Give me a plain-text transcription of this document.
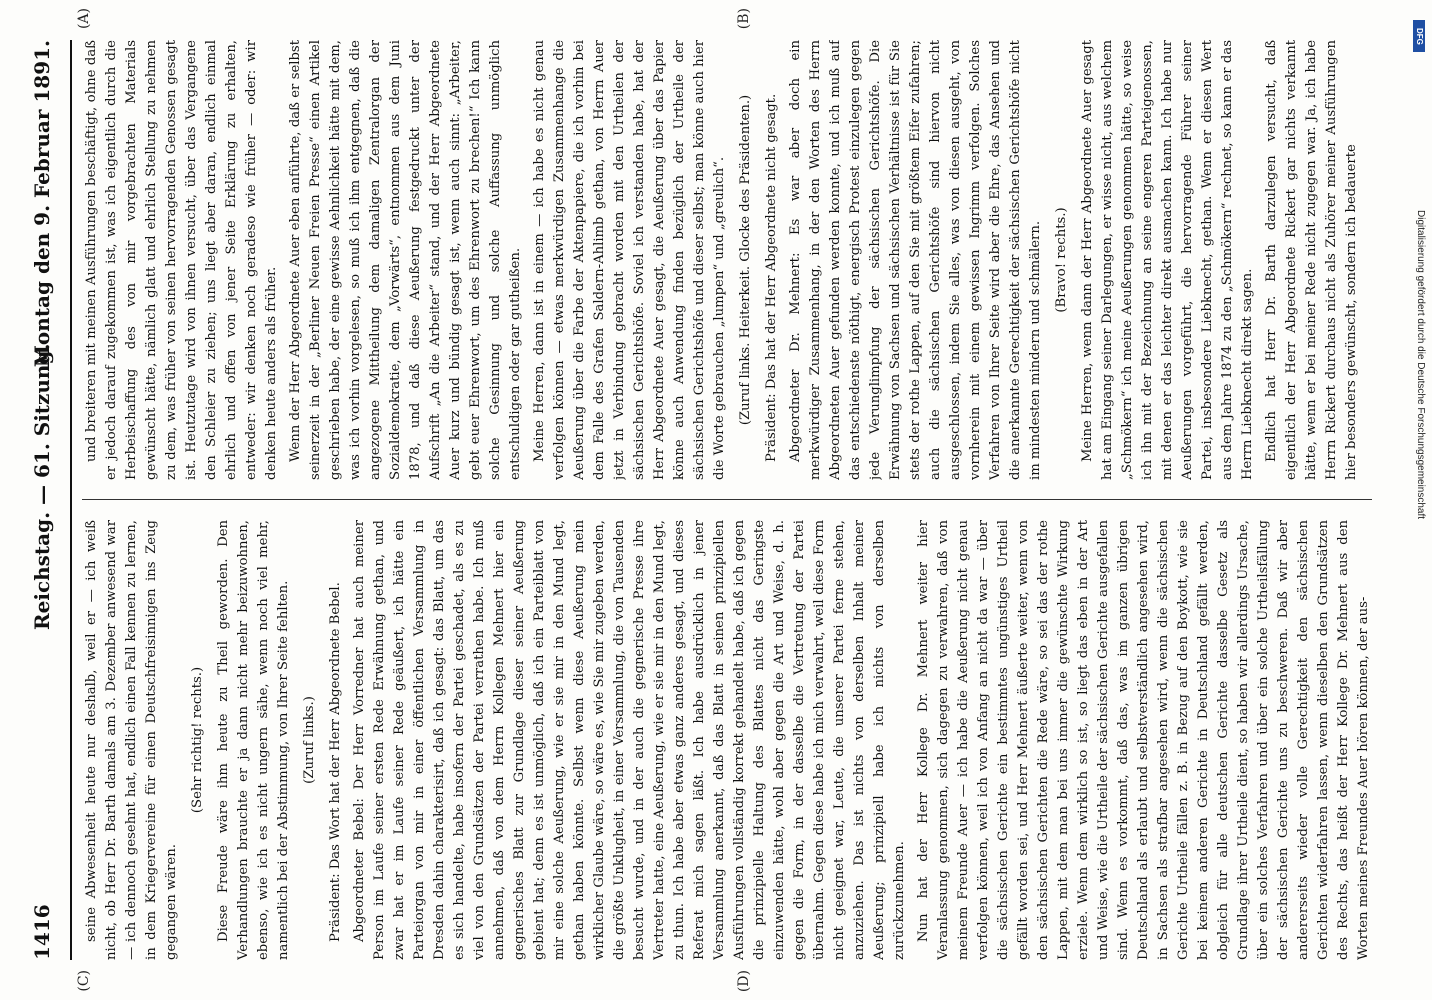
1416
Reichstag. — 61. Sitzung.
Montag den 9. Februar 1891. und breiteren mit meinen Ausführungen beschäftigt, ohne daß er jedoch darauf zugekommen ist, was ich eigentlich durch die Herbeischaffung des von mir vorgebrachten Materials gewünscht hätte, nämlich glatt und ehrlich Stellung zu nehmen zu dem, was früher von seinen hervorragenden Genossen gesagt ist. Heutzutage wird von ihnen versucht, über das Vergangene den Schleier zu ziehen; uns liegt aber daran, endlich einmal ehrlich und offen von jener Seite Erklärung zu erhalten, entweder: wir denken noch geradeso wie früher — oder: wir denken heute anders als früher. Wenn der Herr Abgeordnete Auer eben anführte, daß er selbst seinerzeit in der „Berliner Neuen Freien Presse“ einen Artikel geschrieben habe, der eine gewisse Aehnlichkeit hätte mit dem, was ich vorhin vorgelesen, so muß ich ihm entgegnen, daß die angezogene Mittheilung dem damaligen Zentralorgan der Sozialdemokratie, dem „Vorwärts“, entnommen aus dem Juni 1878, und daß diese Aeußerung festgedruckt unter der Aufschrift „An die Arbeiter“ stand, und der Herr Abgeordnete Auer kurz und bündig gesagt ist, wenn auch sinnt: „Arbeiter, gebt euer Ehrenwort, um des Ehrenwort zu brechen!“ Ich kann solche Gesinnung und solche Auffassung unmöglich entschuldigen oder gar gutheißen. Meine Herren, dann ist in einem — ich habe es nicht genau verfolgen können — etwas merkwürdigen Zusammenhange die Aeußerung über die Farbe der Aktenpapiere, die ich vorhin bei dem Falle des Grafen Saldern-Ahlimb gethan, von Herrn Auer jetzt in Verbindung gebracht worden mit den Urtheilen der sächsischen Gerichtshöfe. Soviel ich verstanden habe, hat der Herr Abgeordnete Auer gesagt, die Aeußerung über das Papier könne auch Anwendung finden bezüglich der Urtheile der sächsischen Gerichtshöfe und dieser selbst; man könne auch hier die Worte gebrauchen „lumpen“ und „greulich“. (Zuruf links. Heiterkeit. Glocke des Präsidenten.) Präsident: Das hat der Herr Abgeordnete nicht gesagt. Abgeordneter Dr. Mehnert: Es war aber doch ein merkwürdiger Zusammenhang, in der den Worten des Herrn Abgeordneten Auer gefunden werden konnte, und ich muß auf das entschiedenste nöthigt, energisch Protest einzulegen gegen jede Verunglimpfung der sächsischen Gerichtshöfe. Die Erwähnung von Sachsen und sächsischen Verhältnisse ist für Sie stets der rothe Lappen, auf den Sie mit größtem Eifer zufahren; auch die sächsischen Gerichtshöfe sind hiervon nicht ausgeschlossen, indem Sie alles, was von diesen ausgeht, von vornherein mit einem gewissen Ingrimm verfolgen. Solches Verfahren von Ihrer Seite wird aber die Ehre, das Ansehen und die anerkannte Gerechtigkeit der sächsischen Gerichtshöfe nicht im mindesten mindern und schmälern. (Bravo! rechts.) Meine Herren, wenn dann der Herr Abgeordnete Auer gesagt hat am Eingang seiner Darlegungen, er wisse nicht, aus welchem „Schmökern“ ich meine Aeußerungen genommen hätte, so weise ich ihn mit der Bezeichnung an seine engeren Parteigenossen, mit denen er das leichter direkt ausmachen kann. Ich habe nur Aeußerungen vorgeführt, die hervorragende Führer seiner Partei, insbesondere Liebknecht, gethan. Wenn er diesen Wert aus dem Jahre 1874 zu den „Schmökern“ rechnet, so kann er das Herrn Liebknecht direkt sagen. Endlich hat Herr Dr. Barth darzulegen versucht, daß eigentlich der Herr Abgeordnete Rickert gar nichts verkannt hätte, wenn er bei meiner Rede nicht zugegen war. Ja, ich habe Herrn Rickert durchaus nicht als Zuhörer meiner Ausführungen hier besonders gewünscht, sondern ich bedauerte

seine Abwesenheit heute nur deshalb, weil er — ich weiß nicht, ob Herr Dr. Barth damals am 3. Dezember anwesend war — ich dennoch gesehnt hat, endlich einen Fall kennen zu lernen, in dem Kriegervereine für einen Deutschfreisinnigen ins Zeug gegangen wären.

(Sehr richtig! rechts.) Diese Freude wäre ihm heute zu Theil geworden. Den Verhandlungen brauchte er ja dann nicht mehr beizuwohnen, ebenso, wie ich es nicht ungern sähe, wenn noch viel mehr, namentlich bei der Abstimmung, von Ihrer Seite fehlten. (Zuruf links.) Präsident: Das Wort hat der Herr Abgeordnete Bebel. Abgeordneter Bebel: Der Herr Vorredner hat auch meiner Person im Laufe seiner ersten Rede Erwähnung gethan, und zwar hat er im Laufe seiner Rede geäußert, ich hätte ein Parteiorgan von mir in einer öffentlichen Versammlung in Dresden dahin charakterisirt, daß ich gesagt: das Blatt, um das es sich handelte, habe insofern der Partei geschadet, als es zu viel von den Grundsätzen der Partei verrathen habe. Ich muß annehmen, daß von dem Herrn Kollegen Mehnert hier ein gegnerisches Blatt zur Grundlage dieser seiner Aeußerung gebient hat; denn es ist unmöglich, daß ich ein Parteiblatt von mir eine solche Aeußerung, wie er sie mir in den Mund legt, gethan haben könnte. Selbst wenn diese Aeußerung mein wirklicher Glaube wäre, so wäre es, wie Sie mir zugeben werden, die größte Unklugheit, in einer Versammlung, die von Tausenden besucht wurde, und in der auch die gegnerische Presse ihre Vertreter hatte, eine Aeußerung, wie er sie mir in den Mund legt, zu thun. Ich habe aber etwas ganz anderes gesagt, und dieses Referat mich sagen läßt. Ich habe ausdrücklich in jener Versammlung anerkannt, daß das Blatt in seinen prinzipiellen Ausführungen vollständig korrekt gehandelt habe, daß ich gegen die prinzipielle Haltung des Blattes nicht das Geringste einzuwenden hätte, wohl aber gegen die Art und Weise, d. h. gegen die Form, in der dasselbe die Vertretung der Partei übernahm. Gegen diese habe ich mich verwahrt, weil diese Form nicht geeignet war, Leute, die unserer Partei ferne stehen, anzuziehen. Das ist nichts von derselben Inhalt meiner Aeußerung; prinzipiell habe ich nichts von derselben zurückzunehmen. Nun hat der Herr Kollege Dr. Mehnert weiter hier Veranlassung genommen, sich dagegen zu verwahren, daß von meinem Freunde Auer — ich habe die Aeußerung nicht genau verfolgen können, weil ich von Anfang an nicht da war — über die sächsischen Gerichte ein bestimmtes ungünstiges Urtheil gefällt worden sei, und Herr Mehnert äußerte weiter, wenn von den sächsischen Gerichten die Rede wäre, so sei das der rothe Lappen, mit dem man bei uns immer die gewünschte Wirkung erziele. Wenn dem wirklich so ist, so liegt das eben in der Art und Weise, wie die Urtheile der sächsischen Gerichte ausgefallen sind. Wenn es vorkommt, daß das, was im ganzen übrigen Deutschland als erlaubt und selbstverständlich angesehen wird, in Sachsen als strafbar angesehen wird, wenn die sächsischen Gerichte Urtheile fällen z. B. in Bezug auf den Boykott, wie sie bei keinem anderen Gerichte in Deutschland gefällt werden, obgleich für alle deutschen Gerichte dasselbe Gesetz als Grundlage ihrer Urtheile dient, so haben wir allerdings Ursache, über ein solches Verfahren und über ein solche Urtheilsfällung der sächsischen Gerichte uns zu beschweren. Daß wir aber andererseits wieder volle Gerechtigkeit den sächsischen Gerichten widerfahren lassen, wenn dieselben den Grundsätzen des Rechts, das heißt der Herr Kollege Dr. Mehnert aus den Worten meines Freundes Auer hören können, der aus-

(A)	(B)
(C)	(D)
DFG
Digitalisierung gefördert durch die Deutsche Forschungsgemeinschaft
